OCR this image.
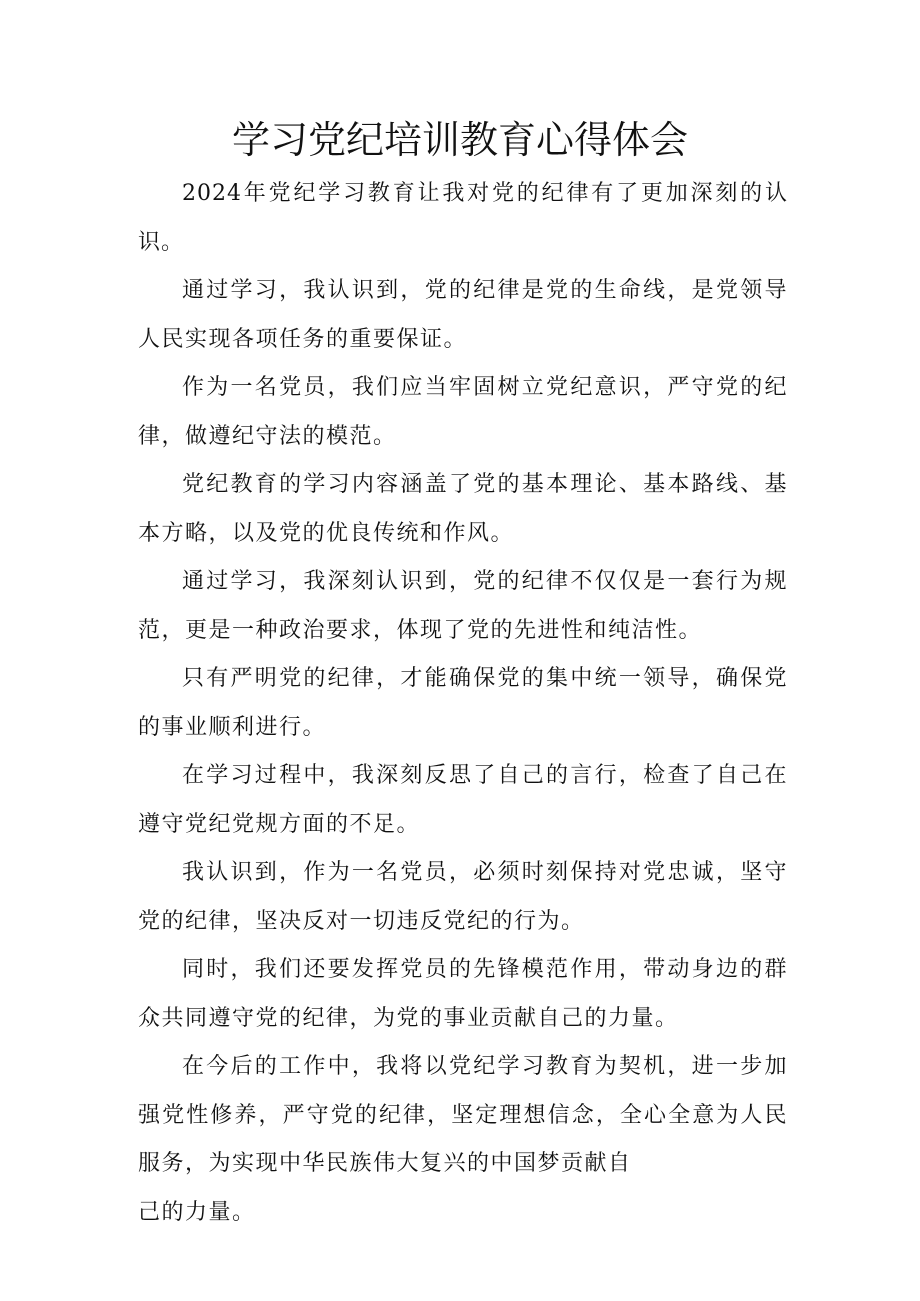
学习党纪培训教育心得体会

2024年党纪学习教育让我对党的纪律有了更加深刻的认识。

通过学习，我认识到，党的纪律是党的生命线，是党领导人民实现各项任务的重要保证。

作为一名党员，我们应当牢固树立党纪意识，严守党的纪律，做遵纪守法的模范。

党纪教育的学习内容涵盖了党的基本理论、基本路线、基本方略，以及党的优良传统和作风。

通过学习，我深刻认识到，党的纪律不仅仅是一套行为规范，更是一种政治要求，体现了党的先进性和纯洁性。

只有严明党的纪律，才能确保党的集中统一领导，确保党的事业顺利进行。

在学习过程中，我深刻反思了自己的言行，检查了自己在遵守党纪党规方面的不足。

我认识到，作为一名党员，必须时刻保持对党忠诚，坚守党的纪律，坚决反对一切违反党纪的行为。

同时，我们还要发挥党员的先锋模范作用，带动身边的群众共同遵守党的纪律，为党的事业贡献自己的力量。

在今后的工作中，我将以党纪学习教育为契机，进一步加强党性修养，严守党的纪律，坚定理想信念，全心全意为人民服务，为实现中华民族伟大复兴的中国梦贡献自

己的力量。
